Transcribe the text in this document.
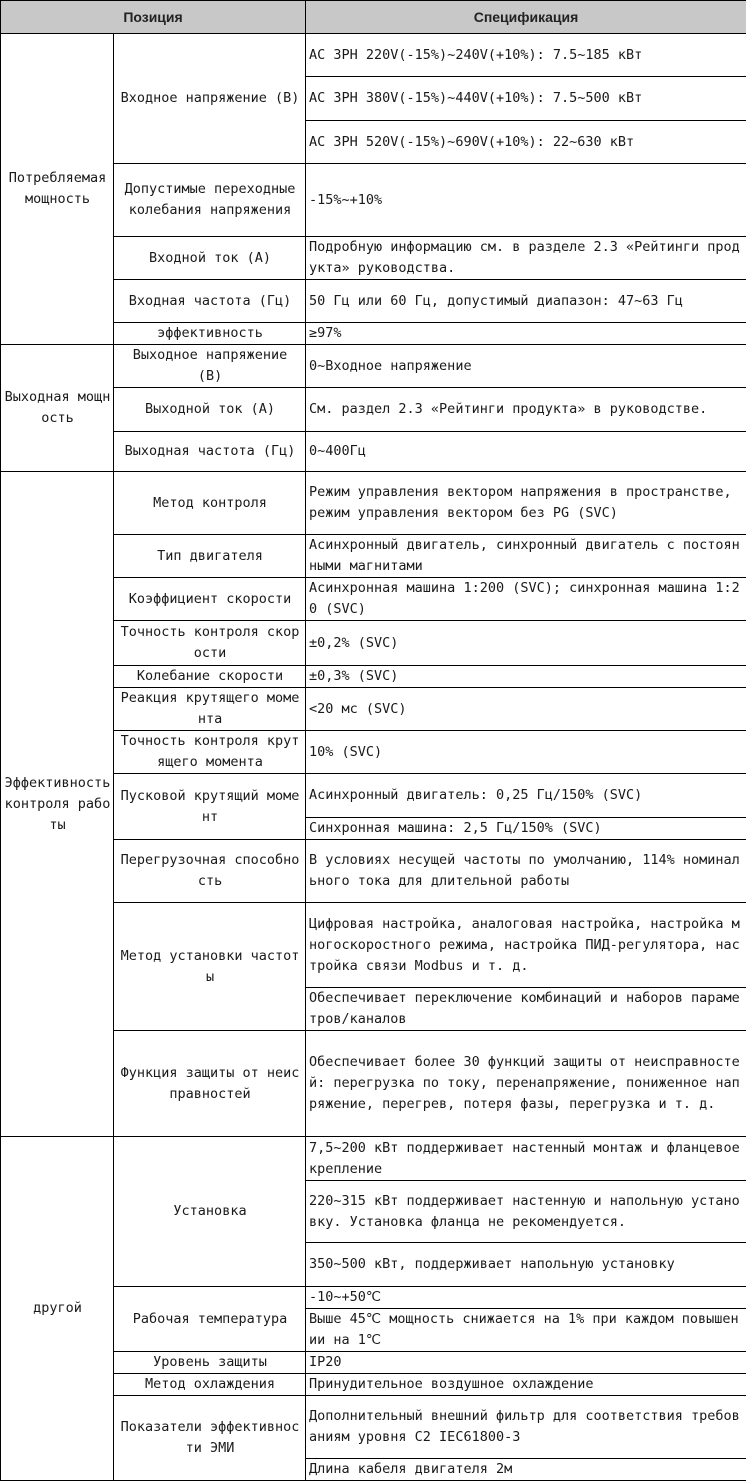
Позиция		Спецификация
Потребляемая мощность	Входное напряжение (В)	AC 3PH 220V(-15%)~240V(+10%): 7.5~185 кВт
		AC 3PH 380V(-15%)~440V(+10%): 7.5~500 кВт
		AC 3PH 520V(-15%)~690V(+10%): 22~630 кВт
	Допустимые переходные колебания напряжения	-15%~+10%
	Входной ток (А)	Подробную информацию см. в разделе 2.3 «Рейтинги продукта» руководства.
	Входная частота (Гц)	50 Гц или 60 Гц, допустимый диапазон: 47~63 Гц
	эффективность	≥97%
Выходная мощность	Выходное напряжение (В)	0~Входное напряжение
	Выходной ток (А)	См. раздел 2.3 «Рейтинги продукта» в руководстве.
	Выходная частота (Гц)	0~400Гц
Эффективность контроля работы	Метод контроля	Режим управления вектором напряжения в пространстве, режим управления вектором без PG (SVC)
	Тип двигателя	Асинхронный двигатель, синхронный двигатель с постоянными магнитами
	Коэффициент скорости	Асинхронная машина 1:200 (SVC); синхронная машина 1:20 (SVC)
	Точность контроля скорости	±0,2% (SVC)
	Колебание скорости	±0,3% (SVC)
	Реакция крутящего момента	<20 мс (SVC)
	Точность контроля крутящего момента	10% (SVC)
	Пусковой крутящий момент	Асинхронный двигатель: 0,25 Гц/150% (SVC)
		Синхронная машина: 2,5 Гц/150% (SVC)
	Перегрузочная способность	В условиях несущей частоты по умолчанию, 114% номинального тока для длительной работы
	Метод установки частоты	Цифровая настройка, аналоговая настройка, настройка многоскоростного режима, настройка ПИД-регулятора, настройка связи Modbus и т. д.
		Обеспечивает переключение комбинаций и наборов параметров/каналов
	Функция защиты от неисправностей	Обеспечивает более 30 функций защиты от неисправностей: перегрузка по току, перенапряжение, пониженное напряжение, перегрев, потеря фазы, перегрузка и т. д.
другой	Установка	7,5~200 кВт поддерживает настенный монтаж и фланцевое крепление
		220~315 кВт поддерживает настенную и напольную установку. Установка фланца не рекомендуется.
		350~500 кВт, поддерживает напольную установку
	Рабочая температура	-10~+50℃
		Выше 45℃ мощность снижается на 1% при каждом повышении на 1℃
	Уровень защиты	IP20
	Метод охлаждения	Принудительное воздушное охлаждение
	Показатели эффективности ЭМИ	Дополнительный внешний фильтр для соответствия требованиям уровня C2 IEC61800-3
		Длина кабеля двигателя 2м
